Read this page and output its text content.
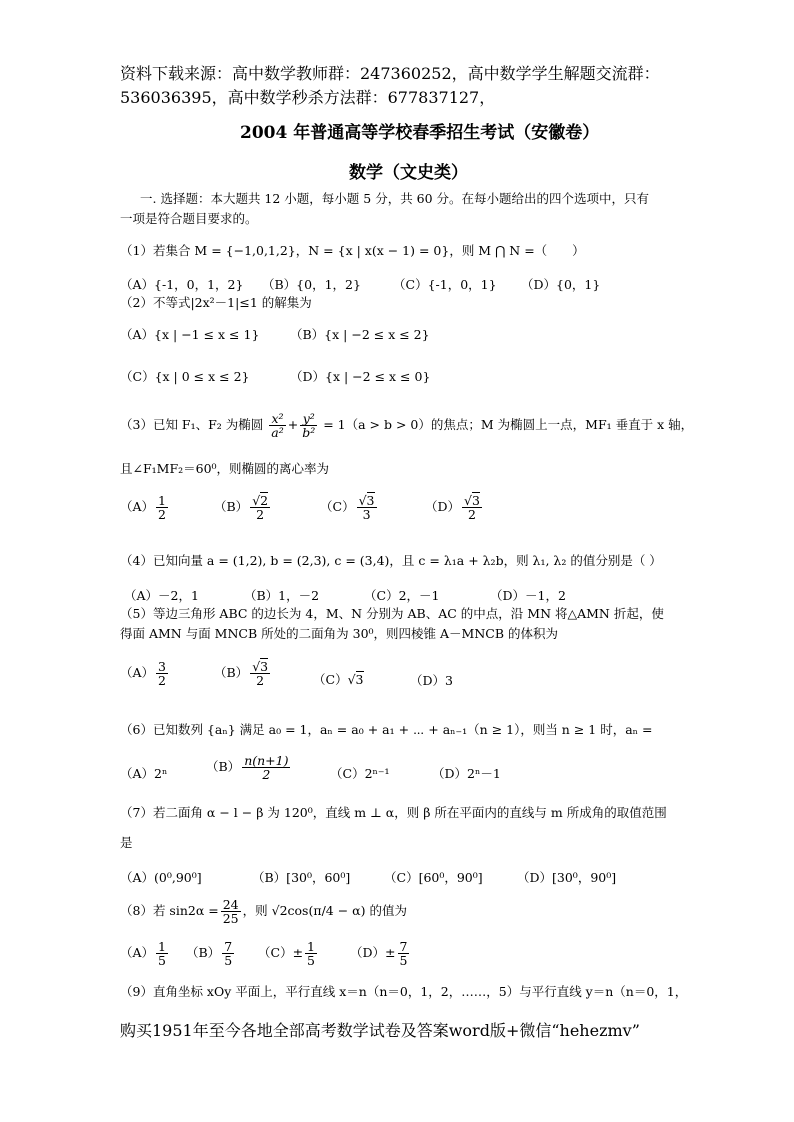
资料下载来源：高中数学教师群：247360252，高中数学学生解题交流群：
536036395，高中数学秒杀方法群：677837127，
2004 年普通高等学校春季招生考试（安徽卷）
数学（文史类）
一. 选择题：本大题共 12 小题，每小题 5 分，共 60 分。在每小题给出的四个选项中，只有
一项是符合题目要求的。
（1）若集合 M = {−1,0,1,2}，N = {x | x(x − 1) = 0}，则 M ⋂ N =（　　）
（A）{-1，0，1，2} （B）{0，1，2}	（C）{-1，0，1} （D）{0，1}
（2）不等式|2x²－1|≤1 的解集为
（A）{x | −1 ≤ x ≤ 1} （B）{x | −2 ≤ x ≤ 2}
（C）{x | 0 ≤ x ≤ 2}	（D）{x | −2 ≤ x ≤ 0}
（3）已知 F₁、F₂ 为椭圆 $\frac{\text{x²}}{\text{a²}} + \frac{\text{y²}}{\text{b²}} = 1(a > b > 0)$的焦点；M 为椭圆上一点，MF₁ 垂直于 x 轴，
且∠F₁MF₂＝60⁰，则椭圆的离心率为
$(A) \frac{1}{2}$	$(B) \frac{√2}{2}$	$(C) \frac{√3}{3}$	$(D) \frac{√3}{2}$
（4）已知向量 a = (1,2), b = (2,3), c = (3,4)，且 c = λ₁a + λ₂b，则 λ₁, λ₂ 的值分别是（ ）
（A）－2，1	（B）1，－2	（C）2，－1	（D）－1，2
（5）等边三角形 ABC 的边长为 4，M、N 分别为 AB、AC 的中点，沿 MN 将△AMN 折起，使
得面 AMN 与面 MNCB 所处的二面角为 30⁰，则四棱锥 A－MNCB 的体积为
$(A) \frac{3}{2}$	$(B) \frac{√3}{2}$	（C）√3	（D）3
（6）已知数列 {aₙ} 满足 a₀ = 1，aₙ = a₀ + a₁ + ⋯ + aₙ₋₁（n ≥ 1），则当 n ≥ 1 时，aₙ =
（A）2ⁿ	$(B) \frac{n(n+1)}{2}$	（C）2ⁿ⁻¹	（D）2ⁿ－1
（7）若二面角 α − l − β 为 120⁰，直线 m ⊥ α，则 β 所在平面内的直线与 m 所成角的取值范围
是
（A）(0⁰,90⁰]	（B）[30⁰，60⁰]	（C）[60⁰，90⁰]	（D）[30⁰，90⁰]
（8）若 $\sin 2\alpha = \frac{24}{25}$ ，则 √2cos(π/4 − α) 的值为
$(A) \frac{1}{5} (B) \frac{7}{5} (C)\pm \frac{1}{5}$	$(D)\pm \frac{7}{5}$
（9）直角坐标 xOy 平面上，平行直线 x＝n（n＝0，1，2，……，5）与平行直线 y＝n（n＝0，1，
购买1951年至今各地全部高考数学试卷及答案word版+微信“hehezmv”
